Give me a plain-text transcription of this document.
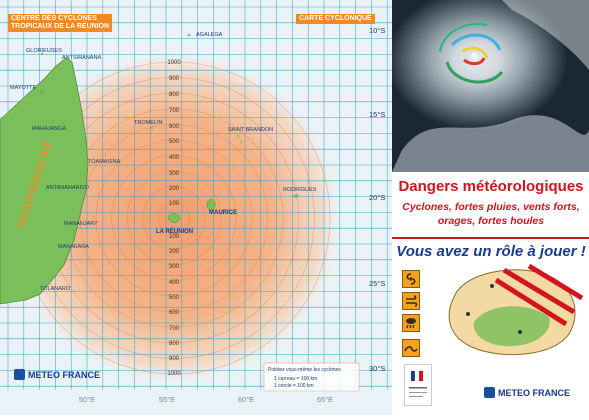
MADAGASCAR
1000
900
800
700
600
500
400
300
200
100
100
200
300
400
500
600
700
800
900
1000
GLORIEUSES
ANTSIRANANA
MAYOTTE
MAHAJANGA
TOAMASINA
ANTANANARIVO
MANANJARY
MANAKARA
TOLANARO
AGALEGA
TROMELIN
SAINT BRANDON
RODRIGUES
MAURICE
LA RÉUNION
10°S
15°S
20°S
25°S
30°S
50°E	55°E	60°E	65°E
Pointez vous-même les cyclones
1 carreau = 100 km
1 cercle = 100 km
CENTRE DES CYCLONES
TROPICAUX DE LA RÉUNION
CARTE CYCLONIQUE
METEO FRANCE
Dangers météorologiques
Cyclones, fortes pluies, vents forts,
orages, fortes houles
Vous avez un rôle à jouer !
METEO FRANCE
